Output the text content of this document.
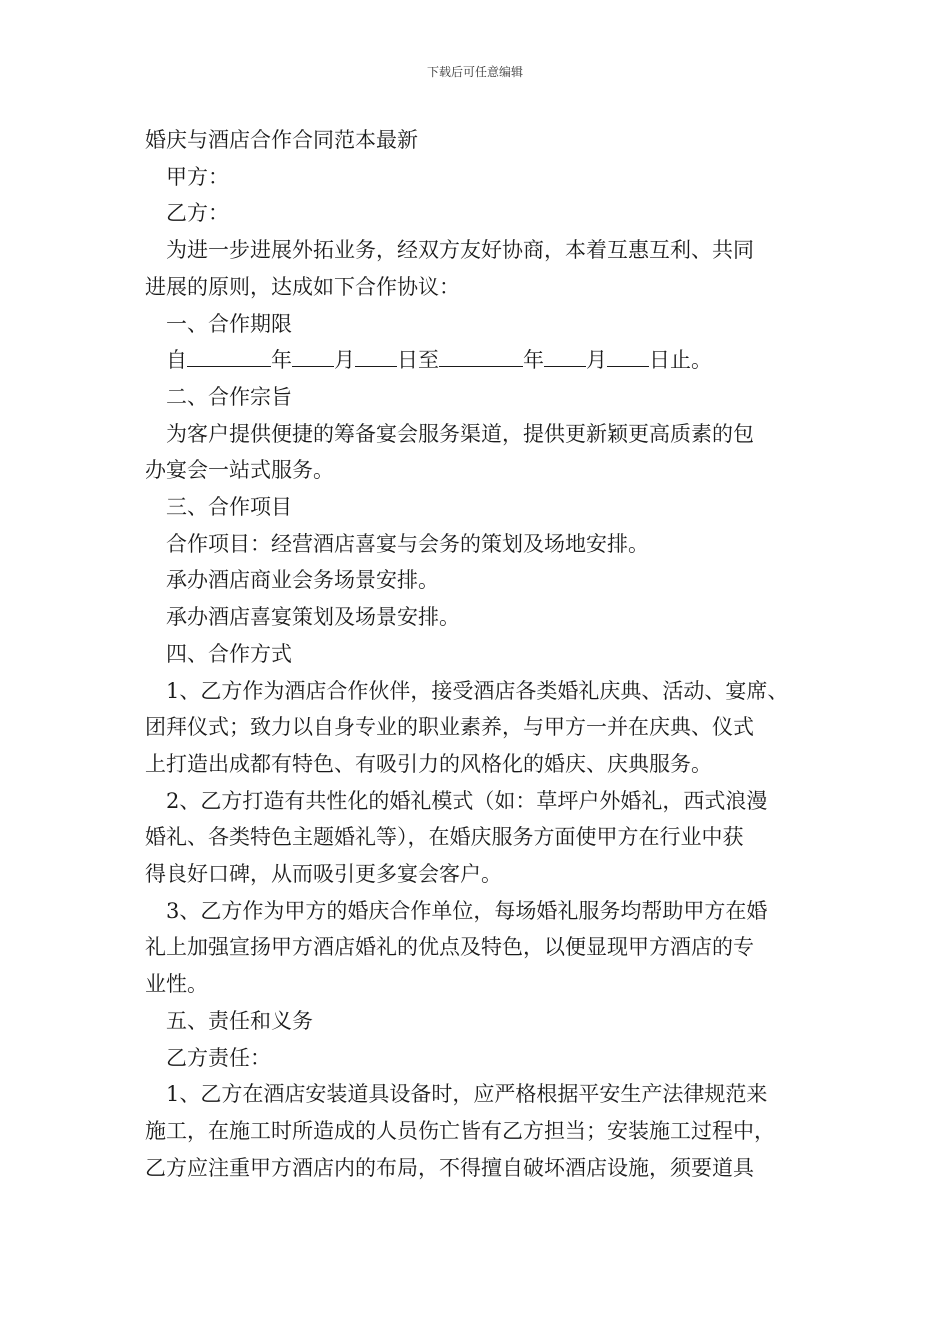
下载后可任意编辑

婚庆与酒店合作合同范本最新

甲方：

乙方：

为进一步进展外拓业务，经双方友好协商，本着互惠互利、共同

进展的原则，达成如下合作协议：

一、合作期限

自	年 月 日至	年 月 日止。

二、合作宗旨

为客户提供便捷的筹备宴会服务渠道，提供更新颖更高质素的包

办宴会一站式服务。

三、合作项目

合作项目：经营酒店喜宴与会务的策划及场地安排。

承办酒店商业会务场景安排。

承办酒店喜宴策划及场景安排。

四、合作方式

1、乙方作为酒店合作伙伴，接受酒店各类婚礼庆典、活动、宴席、

团拜仪式；致力以自身专业的职业素养，与甲方一并在庆典、仪式

上打造出成都有特色、有吸引力的风格化的婚庆、庆典服务。

2、乙方打造有共性化的婚礼模式（如：草坪户外婚礼，西式浪漫

婚礼、各类特色主题婚礼等），在婚庆服务方面使甲方在行业中获

得良好口碑，从而吸引更多宴会客户。

3、乙方作为甲方的婚庆合作单位，每场婚礼服务均帮助甲方在婚

礼上加强宣扬甲方酒店婚礼的优点及特色，以便显现甲方酒店的专

业性。

五、责任和义务

乙方责任：

1、乙方在酒店安装道具设备时，应严格根据平安生产法律规范来

施工，在施工时所造成的人员伤亡皆有乙方担当；安装施工过程中，

乙方应注重甲方酒店内的布局，不得擅自破坏酒店设施，须要道具
